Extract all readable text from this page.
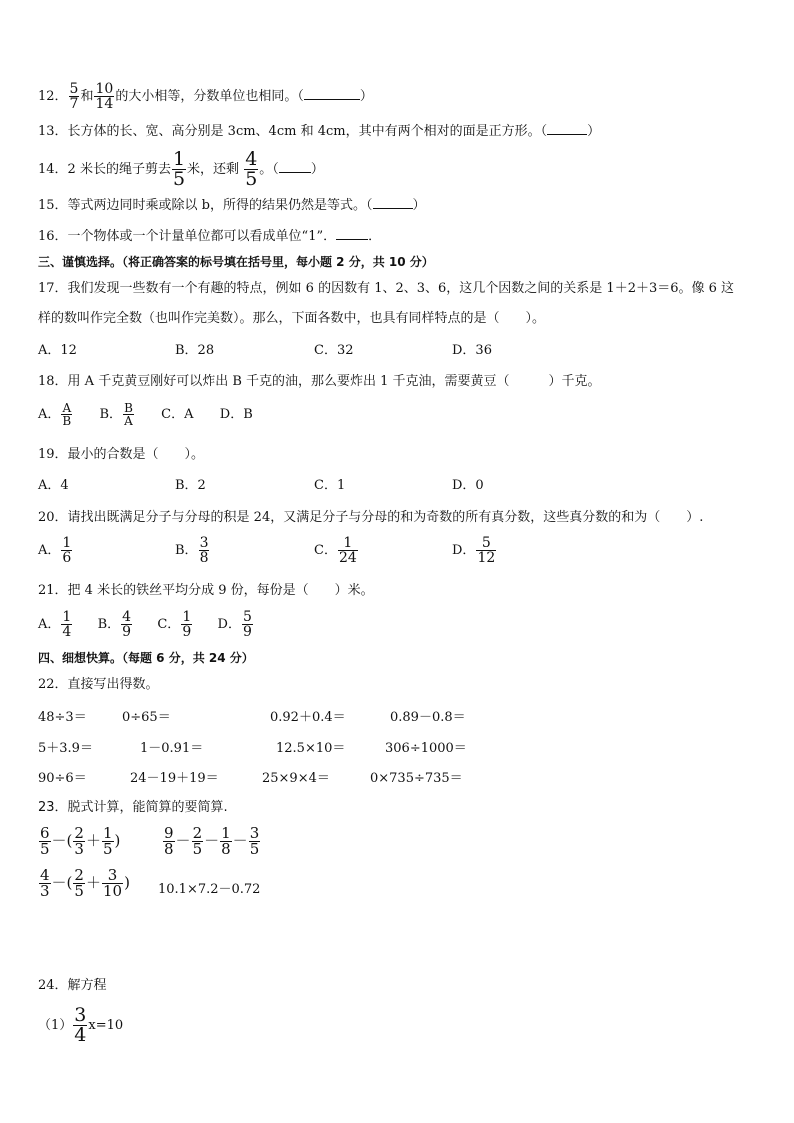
12． $\frac{5}{7}$ 和 $\frac{10}{14}$ 的大小相等，分数单位也相同。（	）
13．长方体的长、宽、高分别是 3cm、4cm 和 4cm，其中有两个相对的面是正方形。（	）
14．2 米长的绳子剪去 $\frac{1}{5}$ 米，还剩 $\frac{4}{5}$ 。（ ）
15．等式两边同时乘或除以 b，所得的结果仍然是等式。（	）
16．一个物体或一个计量单位都可以看成单位“1”． ．
三、谨慎选择。（将正确答案的标号填在括号里，每小题 2 分，共 10 分）
17．我们发现一些数有一个有趣的特点，例如 6 的因数有 1、2、3、6，这几个因数之间的关系是 1＋2＋3＝6。像 6 这
样的数叫作完全数（也叫作完美数）。那么，下面各数中，也具有同样特点的是（　　）。
A．12	B．28	C．32	D．36
18．用 A 千克黄豆刚好可以炸出 B 千克的油，那么要炸出 1 千克油，需要黄豆（　　　）千克。
A． $\frac{A}{B}$ B． $\frac{B}{A}$ C．A D．B
19．最小的合数是（　　）。
A．4	B．2	C．1	D．0
20．请找出既满足分子与分母的积是 24，又满足分子与分母的和为奇数的所有真分数，这些真分数的和为（　　）.
A． $\frac{1}{6}$	B． $\frac{3}{8}$	C． $\frac{1}{24}$	D． $\frac{5}{12}$
21．把 4 米长的铁丝平均分成 9 份，每份是（　　）米。
A． $\frac{1}{4}$ B． $\frac{4}{9}$ C． $\frac{1}{9}$ D． $\frac{5}{9}$
四、细想快算。（每题 6 分，共 24 分）
22．直接写出得数。
48÷3＝	0÷65＝	0.92＋0.4＝	0.89－0.8＝
5＋3.9＝	1－0.91＝	12.5×10＝	306÷1000＝
90÷6＝	24－19＋19＝	25×9×4＝	0×735÷735＝
23．脱式计算，能简算的要简算.
$\frac{6}{5}$ －( $\frac{2}{3} + \frac{1}{5}$ )	$\frac{9}{8} - \frac{2}{5} - \frac{1}{8} - \frac{3}{5}$
$\frac{4}{3}$ －( $\frac{2}{5} + \frac{3}{10}$ ) 10.1×7.2－0.72
24．解方程
$(1) \frac{3}{4} x=10$
